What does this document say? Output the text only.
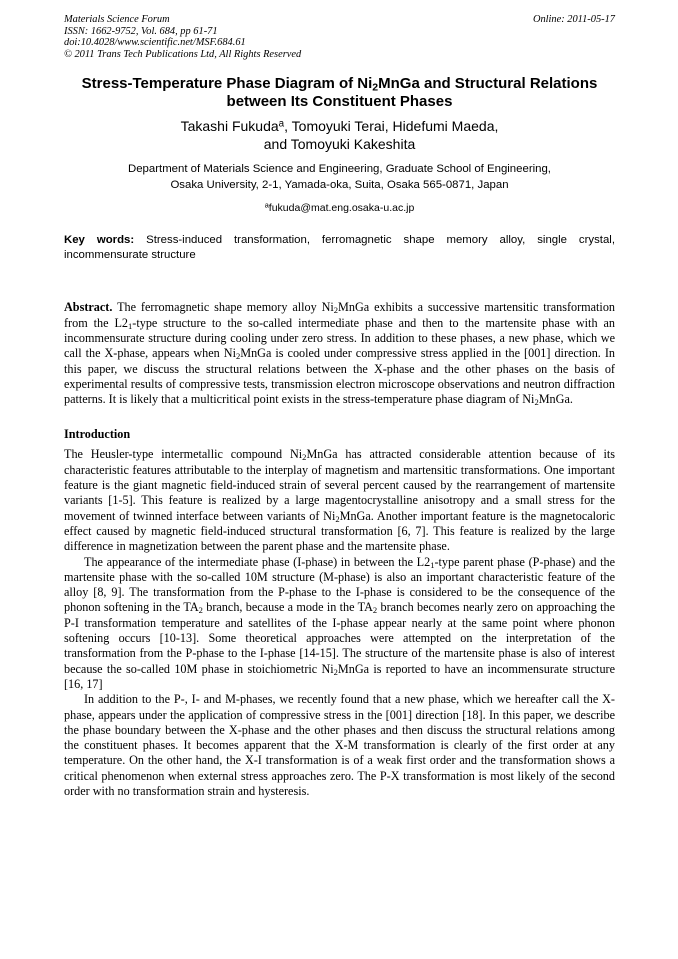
Materials Science Forum
ISSN: 1662-9752, Vol. 684, pp 61-71
doi:10.4028/www.scientific.net/MSF.684.61
© 2011 Trans Tech Publications Ltd, All Rights Reserved
Online: 2011-05-17
Stress-Temperature Phase Diagram of $Ni_2MnGa$ and Structural Relations
between Its Constituent Phases
Takashi Fukuda$^a$, Tomoyuki Terai, Hidefumi Maeda,
and Tomoyuki Kakeshita
Department of Materials Science and Engineering, Graduate School of Engineering,
Osaka University, 2-1, Yamada-oka, Suita, Osaka 565-0871, Japan
$^a$fukuda@mat.eng.osaka-u.ac.jp
Key words: Stress-induced transformation, ferromagnetic shape memory alloy, single crystal, incommensurate structure
Abstract. The ferromagnetic shape memory alloy $Ni_2MnGa$ exhibits a successive martensitic transformation from the $L2_1$-type structure to the so-called intermediate phase and then to the martensite phase with an incommensurate structure during cooling under zero stress. In addition to these phases, a new phase, which we call the X-phase, appears when $Ni_2MnGa$ is cooled under compressive stress applied in the [001] direction. In this paper, we discuss the structural relations between the X-phase and the other phases on the basis of experimental results of compressive tests, transmission electron microscope observations and neutron diffraction patterns. It is likely that a multicritical point exists in the stress-temperature phase diagram of $Ni_2MnGa$.
Introduction
The Heusler-type intermetallic compound $Ni_2MnGa$ has attracted considerable attention because of its characteristic features attributable to the interplay of magnetism and martensitic transformations. One important feature is the giant magnetic field-induced strain of several percent caused by the rearrangement of martensite variants [1-5]. This feature is realized by a large magentocrystalline anisotropy and a small stress for the movement of twinned interface between variants of $Ni_2MnGa$. Another important feature is the magnetocaloric effect caused by magnetic field-induced structural transformation [6, 7]. This feature is realized by the large difference in magnetization between the parent phase and the martensite phase.
The appearance of the intermediate phase (I-phase) in between the $L2_1$-type parent phase (P-phase) and the martensite phase with the so-called 10M structure (M-phase) is also an important characteristic feature of the alloy [8, 9]. The transformation from the P-phase to the I-phase is considered to be the consequence of the phonon softening in the $TA_2$ branch, because a mode in the $TA_2$ branch becomes nearly zero on approaching the P-I transformation temperature and satellites of the I-phase appear nearly at the same point where phonon softening occurs [10-13]. Some theoretical approaches were attempted on the interpretation of the transformation from the P-phase to the I-phase [14-15]. The structure of the martensite phase is also of interest because the so-called 10M phase in stoichiometric $Ni_2MnGa$ is reported to have an incommensurate structure [16, 17]
In addition to the P-, I- and M-phases, we recently found that a new phase, which we hereafter call the X-phase, appears under the application of compressive stress in the [001] direction [18]. In this paper, we describe the phase boundary between the X-phase and the other phases and then discuss the structural relations among the constituent phases. It becomes apparent that the X-M transformation is clearly of the first order at any temperature. On the other hand, the X-I transformation is of a weak first order and the transformation shows a critical phenomenon when external stress approaches zero. The P-X transformation is most likely of the second order with no transformation strain and hysteresis.
